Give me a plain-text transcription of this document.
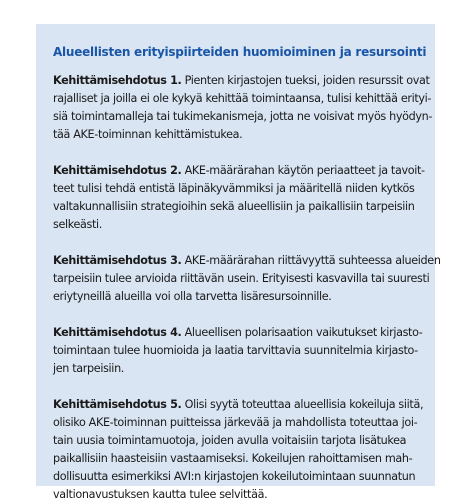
Alueellisten erityispiirteiden huomioiminen ja resursointi

Kehittämisehdotus 1. Pienten kirjastojen tueksi, joiden resurssit ovat
rajalliset ja joilla ei ole kykyä kehittää toimintaansa, tulisi kehittää erityi-
siä toimintamalleja tai tukimekanismeja, jotta ne voisivat myös hyödyn-
tää AKE-toiminnan kehittämistukea.

Kehittämisehdotus 2. AKE-määrärahan käytön periaatteet ja tavoit-
teet tulisi tehdä entistä läpinäkyvämmiksi ja määritellä niiden kytkös
valtakunnallisiin strategioihin sekä alueellisiin ja paikallisiin tarpeisiin
selkeästi.

Kehittämisehdotus 3. AKE-määrärahan riittävyyttä suhteessa alueiden
tarpeisiin tulee arvioida riittävän usein. Erityisesti kasvavilla tai suuresti
eriytyneillä alueilla voi olla tarvetta lisäresursoinnille.

Kehittämisehdotus 4. Alueellisen polarisaation vaikutukset kirjasto-
toimintaan tulee huomioida ja laatia tarvittavia suunnitelmia kirjasto-
jen tarpeisiin.

Kehittämisehdotus 5. Olisi syytä toteuttaa alueellisia kokeiluja siitä,
olisiko AKE-toiminnan puitteissa järkevää ja mahdollista toteuttaa joi-
tain uusia toimintamuotoja, joiden avulla voitaisiin tarjota lisätukea
paikallisiin haasteisiin vastaamiseksi. Kokeilujen rahoittamisen mah-
dollisuutta esimerkiksi AVI:n kirjastojen kokeilutoimintaan suunnatun
valtionavustuksen kautta tulee selvittää.
